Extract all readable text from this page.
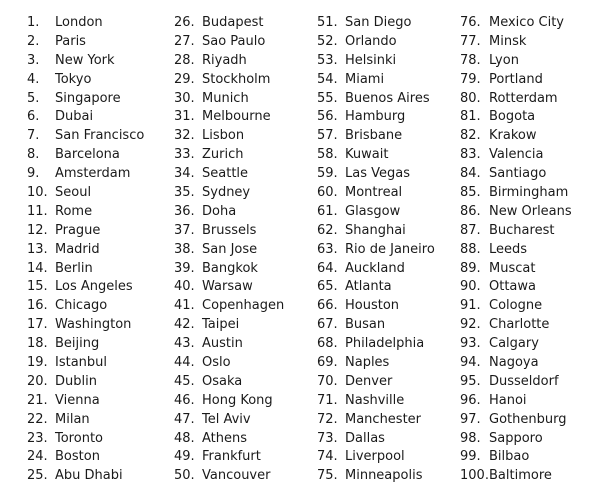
1. London
2. Paris
3. New York
4. Tokyo
5. Singapore
6. Dubai
7. San Francisco
8. Barcelona
9. Amsterdam
10. Seoul
11. Rome
12. Prague
13. Madrid
14. Berlin
15. Los Angeles
16. Chicago
17. Washington
18. Beijing
19. Istanbul
20. Dublin
21. Vienna
22. Milan
23. Toronto
24. Boston
25. Abu Dhabi
26. Budapest
27. Sao Paulo
28. Riyadh
29. Stockholm
30. Munich
31. Melbourne
32. Lisbon
33. Zurich
34. Seattle
35. Sydney
36. Doha
37. Brussels
38. San Jose
39. Bangkok
40. Warsaw
41. Copenhagen
42. Taipei
43. Austin
44. Oslo
45. Osaka
46. Hong Kong
47. Tel Aviv
48. Athens
49. Frankfurt
50. Vancouver
51. San Diego
52. Orlando
53. Helsinki
54. Miami
55. Buenos Aires
56. Hamburg
57. Brisbane
58. Kuwait
59. Las Vegas
60. Montreal
61. Glasgow
62. Shanghai
63. Rio de Janeiro
64. Auckland
65. Atlanta
66. Houston
67. Busan
68. Philadelphia
69. Naples
70. Denver
71. Nashville
72. Manchester
73. Dallas
74. Liverpool
75. Minneapolis
76. Mexico City
77. Minsk
78. Lyon
79. Portland
80. Rotterdam
81. Bogota
82. Krakow
83. Valencia
84. Santiago
85. Birmingham
86. New Orleans
87. Bucharest
88. Leeds
89. Muscat
90. Ottawa
91. Cologne
92. Charlotte
93. Calgary
94. Nagoya
95. Dusseldorf
96. Hanoi
97. Gothenburg
98. Sapporo
99. Bilbao
100.Baltimore
